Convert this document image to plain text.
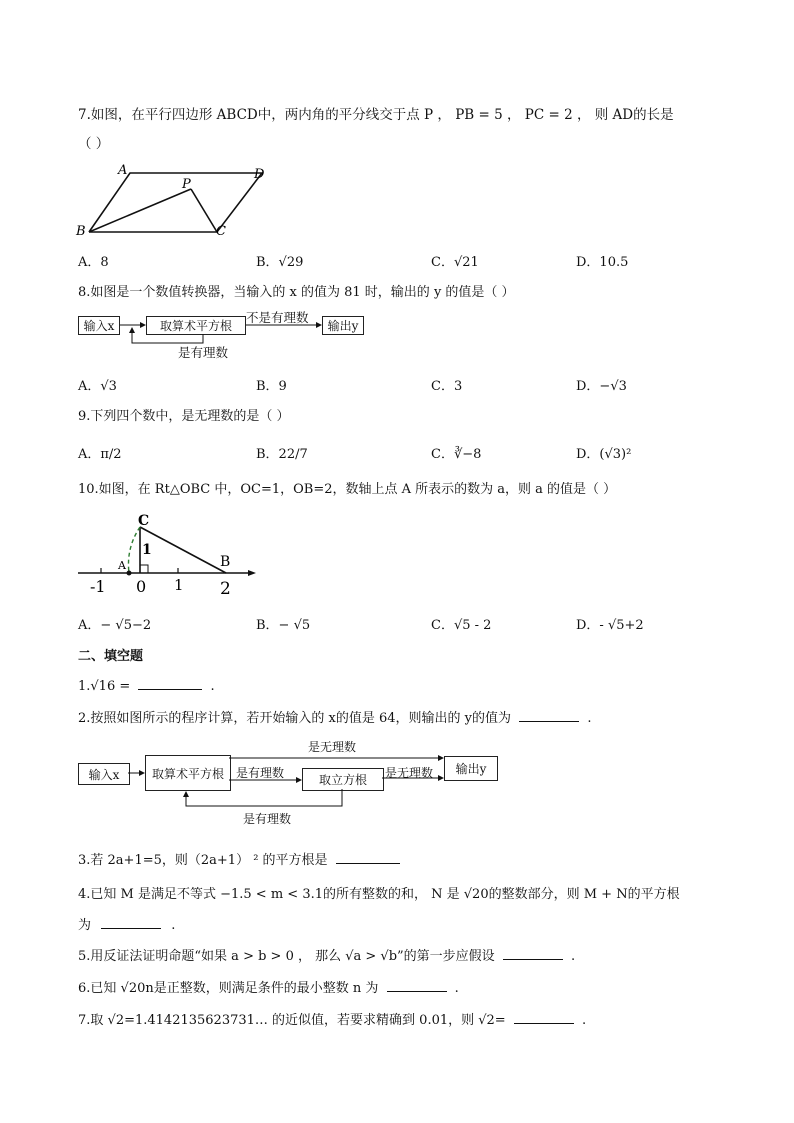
7.如图，在平行四边形 ABCD中，两内角的平分线交于点 P ， PB = 5 ， PC = 2 ， 则 AD的长是
（ ）
A	D
P
B	C
A．8	B．√29	C．√21	D．10.5
8.如图是一个数值转换器，当输入的 x 的值为 81 时，输出的 y 的值是（ ）
输入x	取算术平方根	输出y
不是有理数
是有理数
A．√3	B．9	C．3	D．−√3
9.下列四个数中，是无理数的是（ ）
A．π/2	B．22/7	C．∛−8	D．(√3)²
10.如图，在 Rt△OBC 中，OC=1，OB=2，数轴上点 A 所表示的数为 a，则 a 的值是（ ）
C
1
A	B
-1 0 1 2
A．− √5−2	B．− √5	C．√5 - 2	D．- √5+2
二、填空题
1.√16 =	.
2.按照如图所示的程序计算，若开始输入的 x的值是 64，则输出的 y的值为	.
输入x	取算术平方根	取立方根
输出y
是无理数
是有理数	是无理数
是有理数
3.若 2a+1=5，则（2a+1） ² 的平方根是
4.已知 M 是满足不等式 −1.5 < m < 3.1的所有整数的和， N 是 √20的整数部分，则 M + N的平方根
为	.
5.用反证法证明命题“如果 a > b > 0 ， 那么 √a > √b”的第一步应假设	.
6.已知 √20n是正整数，则满足条件的最小整数 n 为	.
7.取 √2=1.4142135623731… 的近似值，若要求精确到 0.01，则 √2=	.
